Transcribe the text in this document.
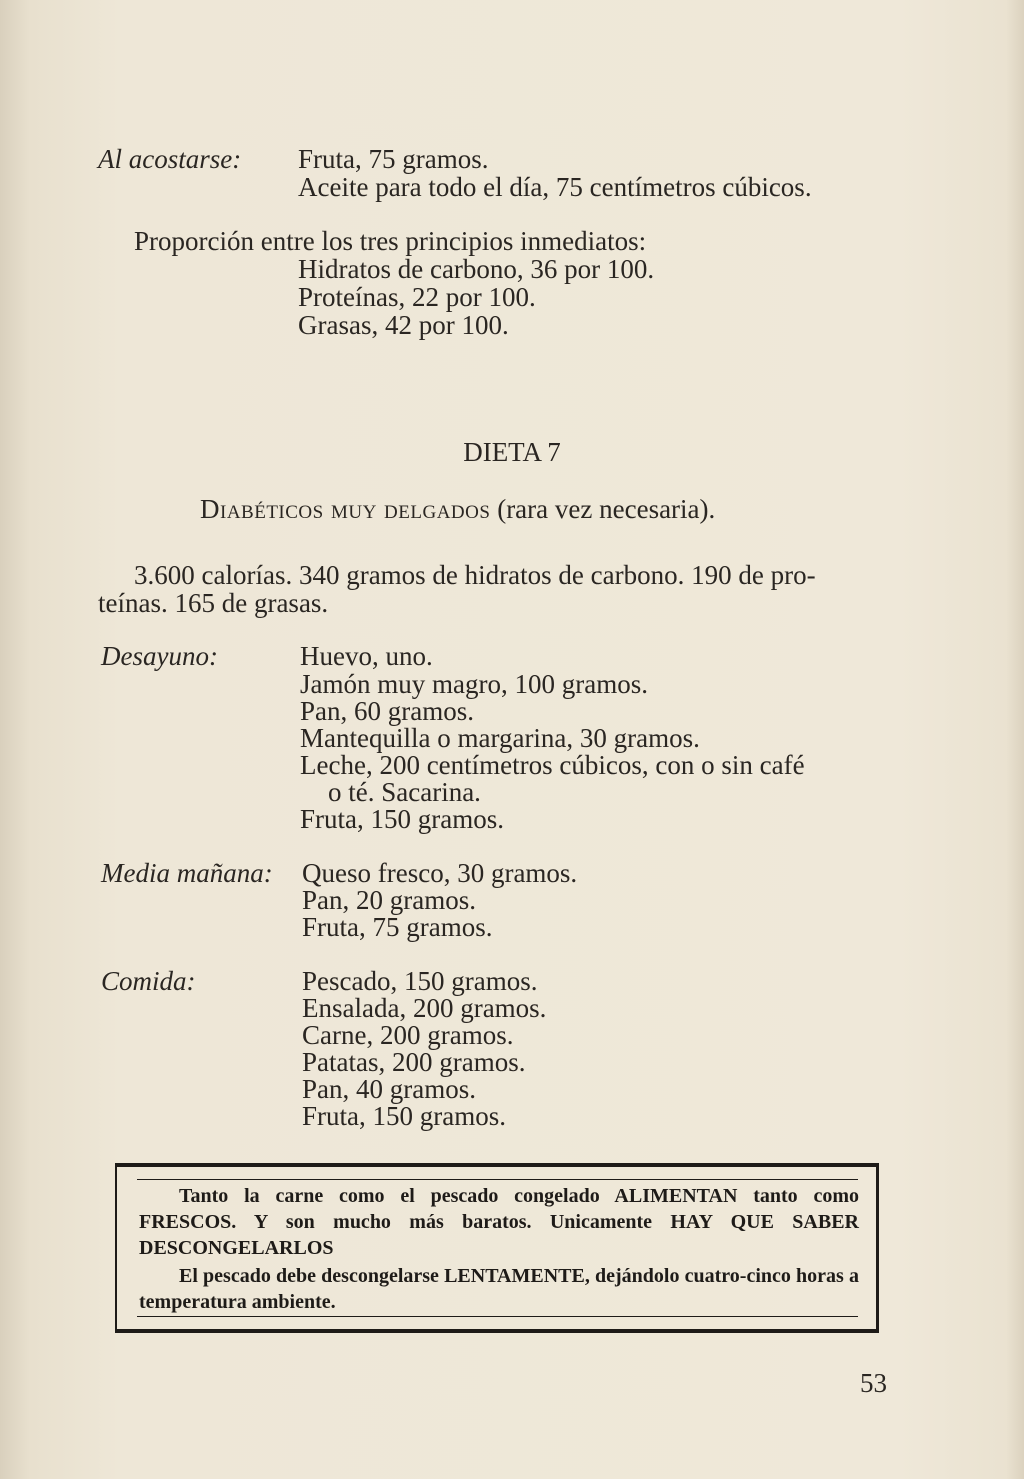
Al acostarse: Fruta, 75 gramos.
Aceite para todo el día, 75 centímetros cúbicos.
Proporción entre los tres principios inmediatos:
Hidratos de carbono, 36 por 100.
Proteínas, 22 por 100.
Grasas, 42 por 100.
DIETA 7
Diabéticos muy delgados (rara vez necesaria).
3.600 calorías. 340 gramos de hidratos de carbono. 190 de pro-
teínas. 165 de grasas.
Desayuno:	Huevo, uno.
Jamón muy magro, 100 gramos.
Pan, 60 gramos.
Mantequilla o margarina, 30 gramos.
Leche, 200 centímetros cúbicos, con o sin café
o té. Sacarina.
Fruta, 150 gramos.
Media mañana: Queso fresco, 30 gramos.
Pan, 20 gramos.
Fruta, 75 gramos.
Comida:	Pescado, 150 gramos.
Ensalada, 200 gramos.
Carne, 200 gramos.
Patatas, 200 gramos.
Pan, 40 gramos.
Fruta, 150 gramos.

Tanto la carne como el pescado congelado ALIMENTAN tanto como FRESCOS. Y son mucho más baratos. Unicamente HAY QUE SABER DESCONGELARLOS

El pescado debe descongelarse LENTAMENTE, dejándolo cuatro-cinco horas a temperatura ambiente.

53
